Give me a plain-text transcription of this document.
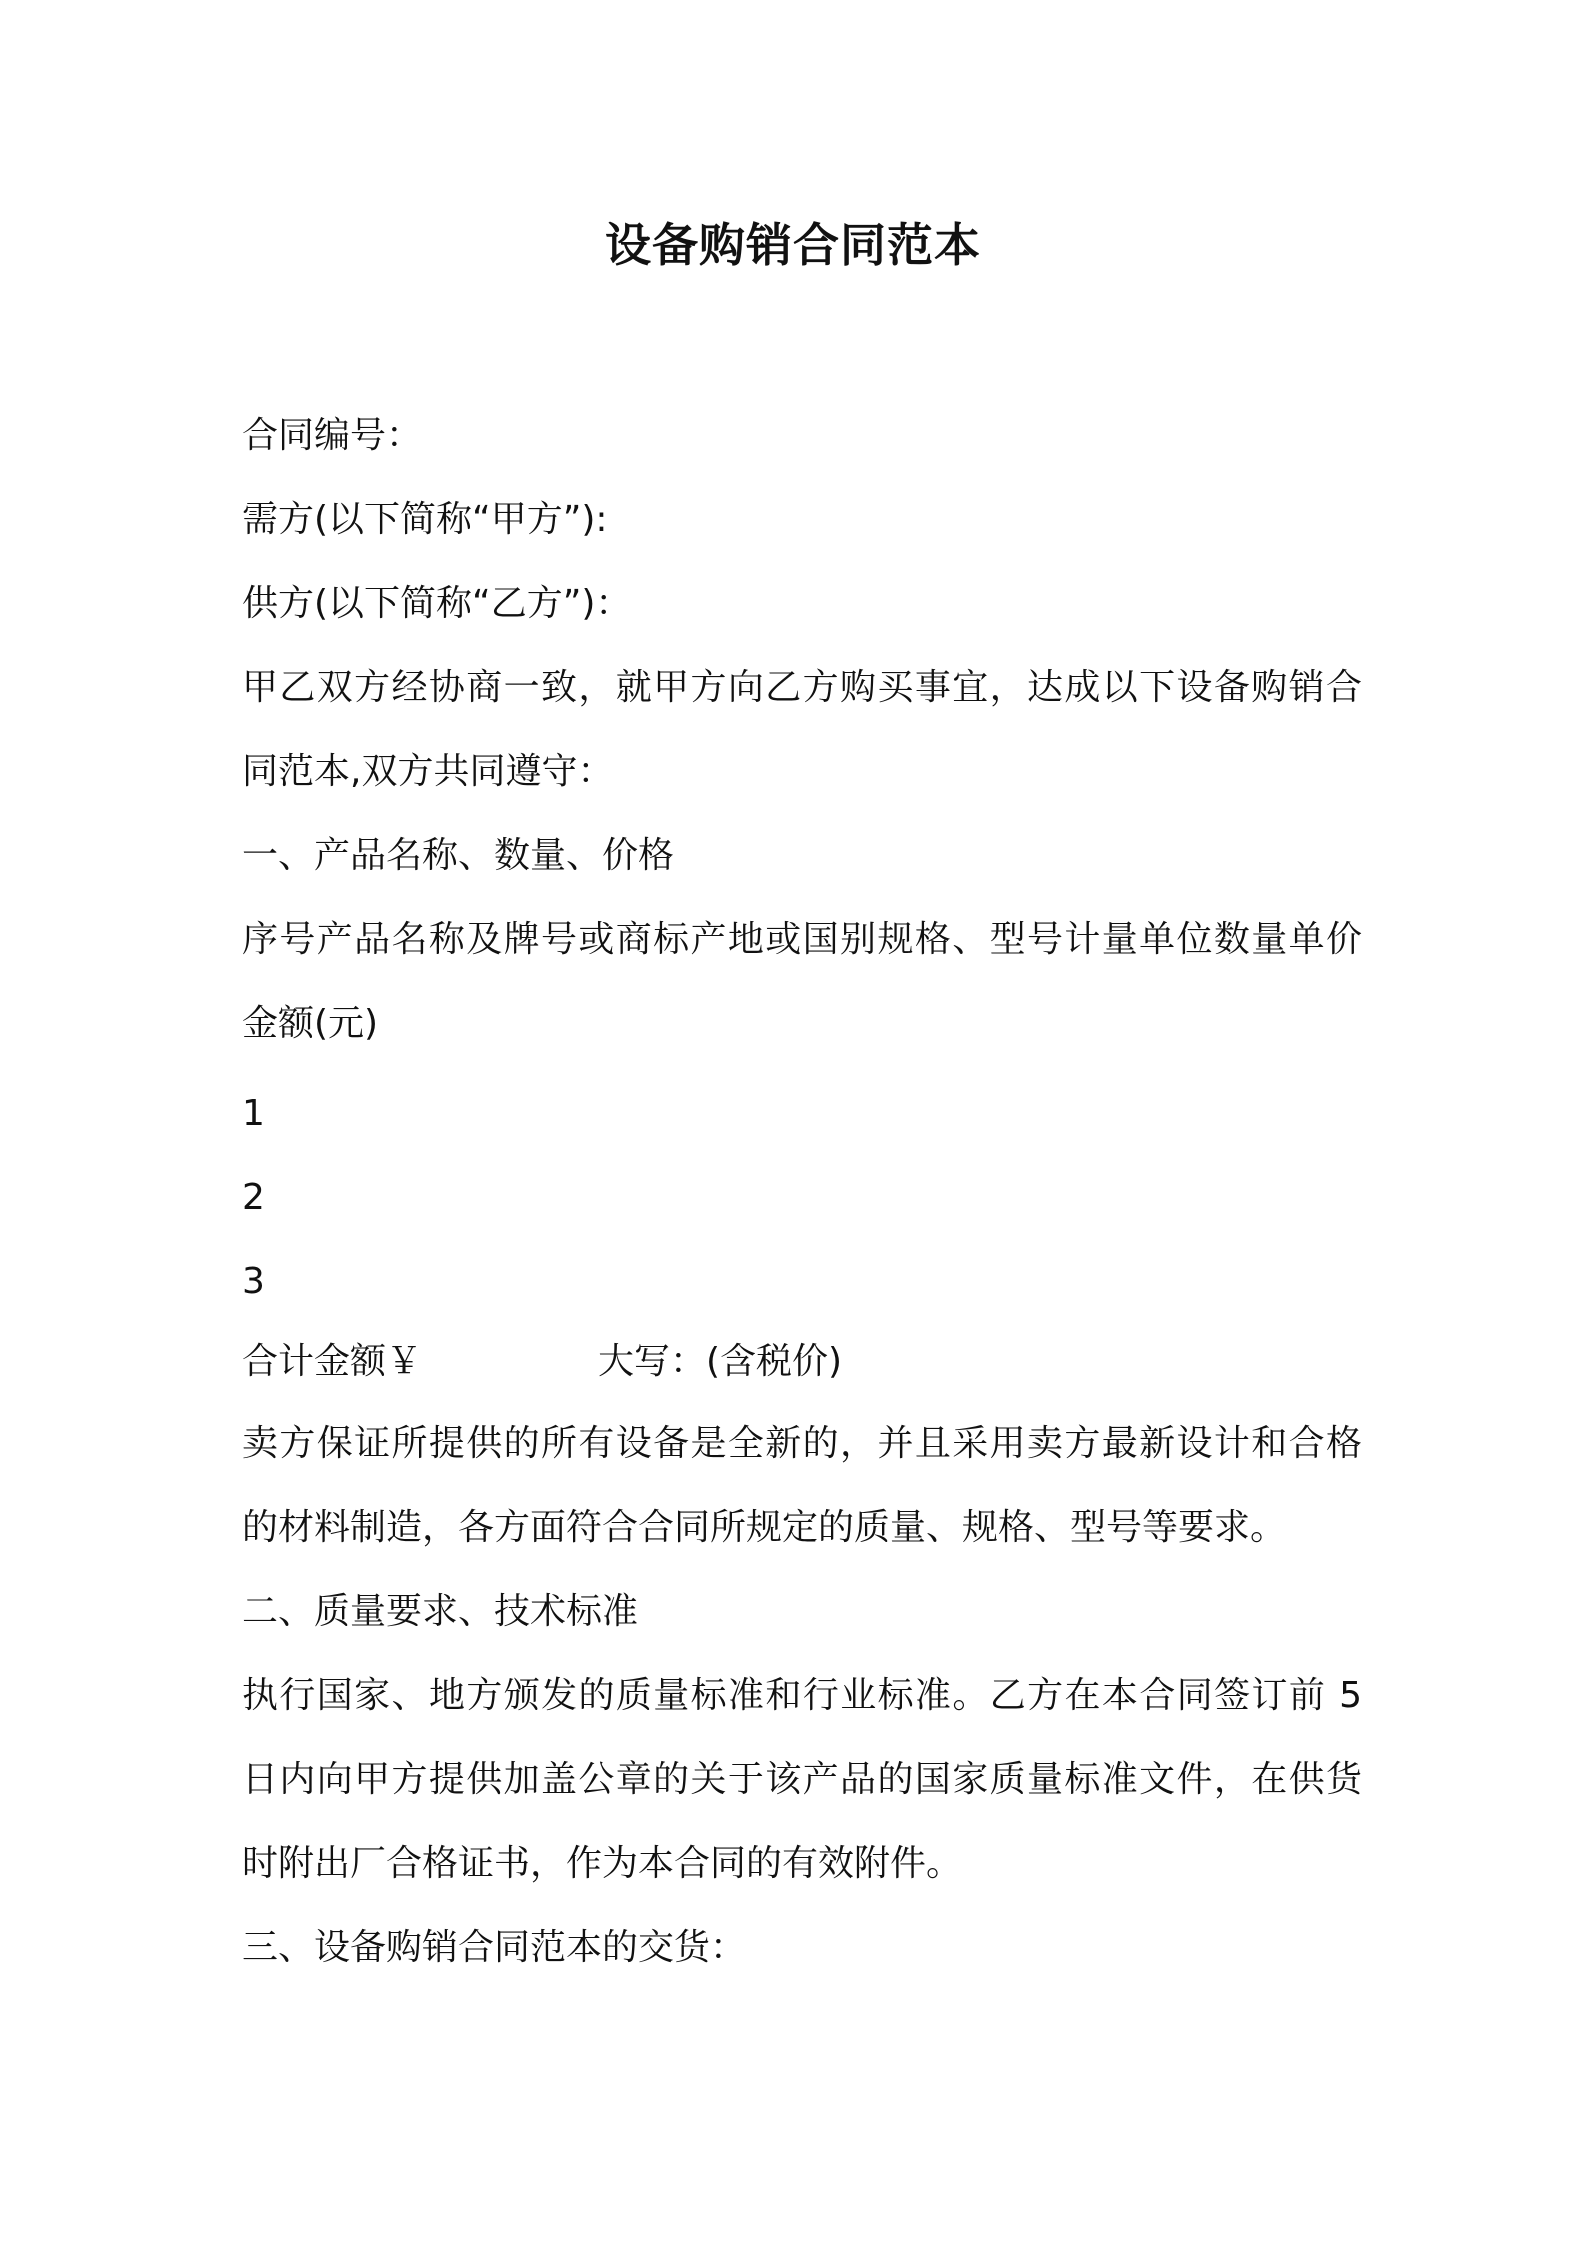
设备购销合同范本
合同编号：
需方(以下简称“甲方”):
供方(以下简称“乙方”)：
甲乙双方经协商一致，就甲方向乙方购买事宜，达成以下设备购销合
同范本,双方共同遵守：
一、产品名称、数量、价格
序号产品名称及牌号或商标产地或国别规格、型号计量单位数量单价
金额(元)
1
2
3
合计金额￥	大写：(含税价)
卖方保证所提供的所有设备是全新的，并且采用卖方最新设计和合格
的材料制造，各方面符合合同所规定的质量、规格、型号等要求。
二、质量要求、技术标准
执行国家、地方颁发的质量标准和行业标准。乙方在本合同签订前 5
日内向甲方提供加盖公章的关于该产品的国家质量标准文件，在供货
时附出厂合格证书，作为本合同的有效附件。
三、设备购销合同范本的交货：
